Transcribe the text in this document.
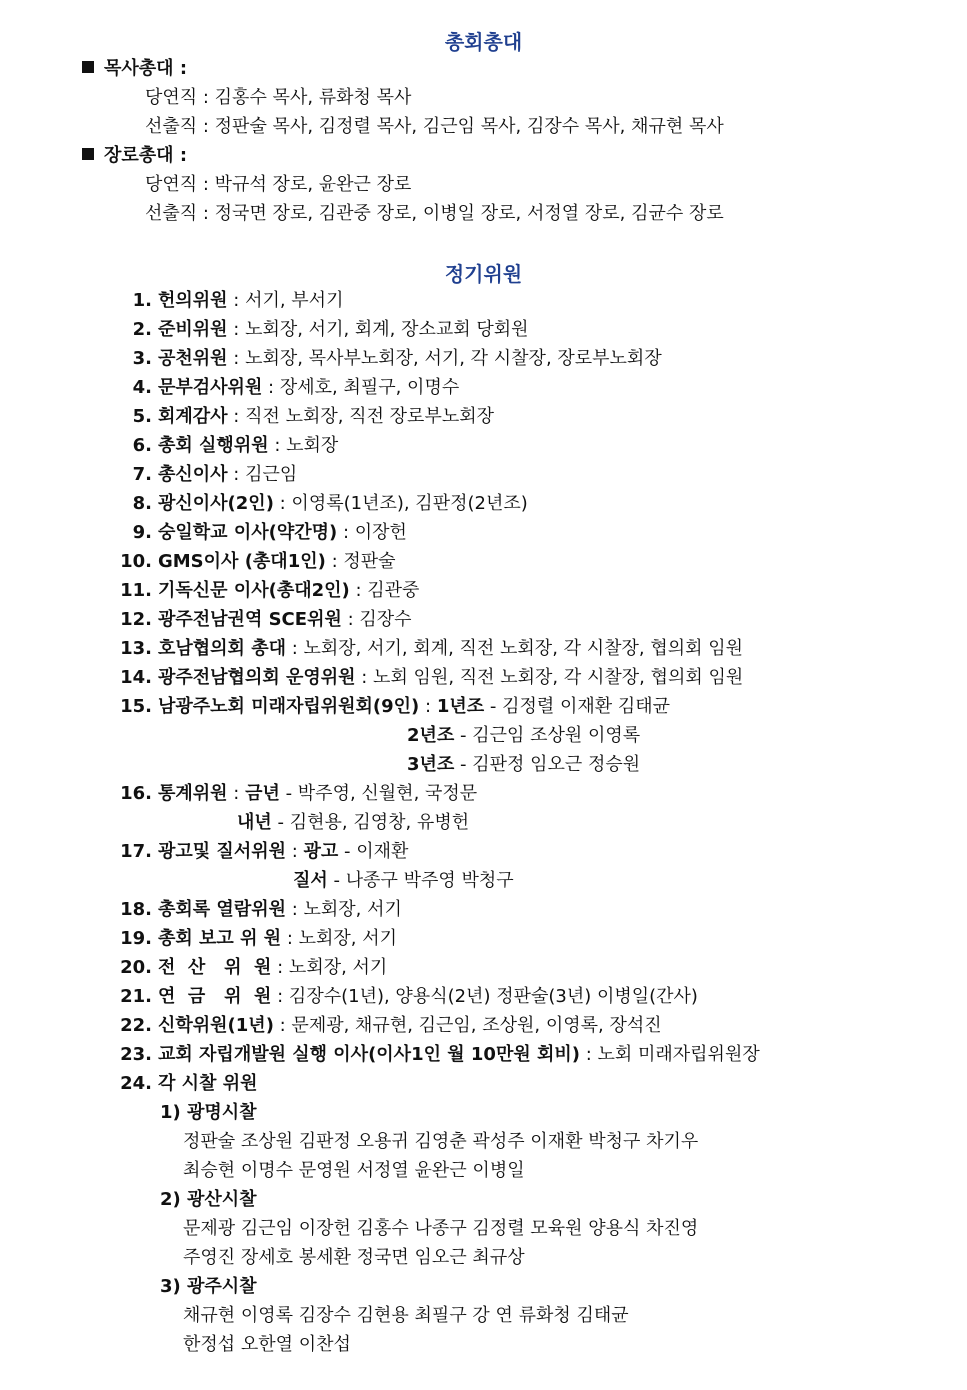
총회총대
목사총대 :
당연직 : 김홍수 목사, 류화청 목사
선출직 : 정판술 목사, 김정렬 목사, 김근임 목사, 김장수 목사, 채규현 목사
장로총대 :
당연직 : 박규석 장로, 윤완근 장로
선출직 : 정국면 장로, 김관중 장로, 이병일 장로, 서정열 장로, 김균수 장로
정기위원
1. 헌의위원 : 서기, 부서기
2. 준비위원 : 노회장, 서기, 회계, 장소교회 당회원
3. 공천위원 : 노회장, 목사부노회장, 서기, 각 시찰장, 장로부노회장
4. 문부검사위원 : 장세호, 최필구, 이명수
5. 회계감사 : 직전 노회장, 직전 장로부노회장
6. 총회 실행위원 : 노회장
7. 총신이사 : 김근임
8. 광신이사(2인) : 이영록(1년조), 김판정(2년조)
9. 숭일학교 이사(약간명) : 이장헌
10. GMS이사 (총대1인) : 정판술
11. 기독신문 이사(총대2인) : 김관중
12. 광주전남권역 SCE위원 : 김장수
13. 호남협의회 총대 : 노회장, 서기, 회계, 직전 노회장, 각 시찰장, 협의회 임원
14. 광주전남협의회 운영위원 : 노회 임원, 직전 노회장, 각 시찰장, 협의회 임원
15. 남광주노회 미래자립위원회(9인) : 1년조 - 김정렬 이재환 김태균
2년조 - 김근임 조상원 이영록
3년조 - 김판정 임오근 정승원
16. 통계위원 : 금년 - 박주영, 신월현, 국정문
내년 - 김현용, 김영창, 유병헌
17. 광고및 질서위원 : 광고 - 이재환
질서 - 나종구 박주영 박청구
18. 총회록 열람위원 : 노회장, 서기
19. 총회 보고 위 원 : 노회장, 서기
20. 전  산   위  원 : 노회장, 서기
21. 연  금   위  원 : 김장수(1년), 양용식(2년) 정판술(3년) 이병일(간사)
22. 신학위원(1년) : 문제광, 채규현, 김근임, 조상원, 이영록, 장석진
23. 교회 자립개발원 실행 이사(이사1인 월 10만원 회비) : 노회 미래자립위원장
24. 각 시찰 위원
1) 광명시찰
정판술 조상원 김판정 오용귀 김영춘 곽성주 이재환 박청구 차기우
최승현 이명수 문영원 서정열 윤완근 이병일
2) 광산시찰
문제광 김근임 이장헌 김홍수 나종구 김정렬 모육원 양용식 차진영
주영진 장세호 봉세환 정국면 임오근 최규상
3) 광주시찰
채규현 이영록 김장수 김현용 최필구 강 연 류화청 김태균
한정섭 오한열 이찬섭
